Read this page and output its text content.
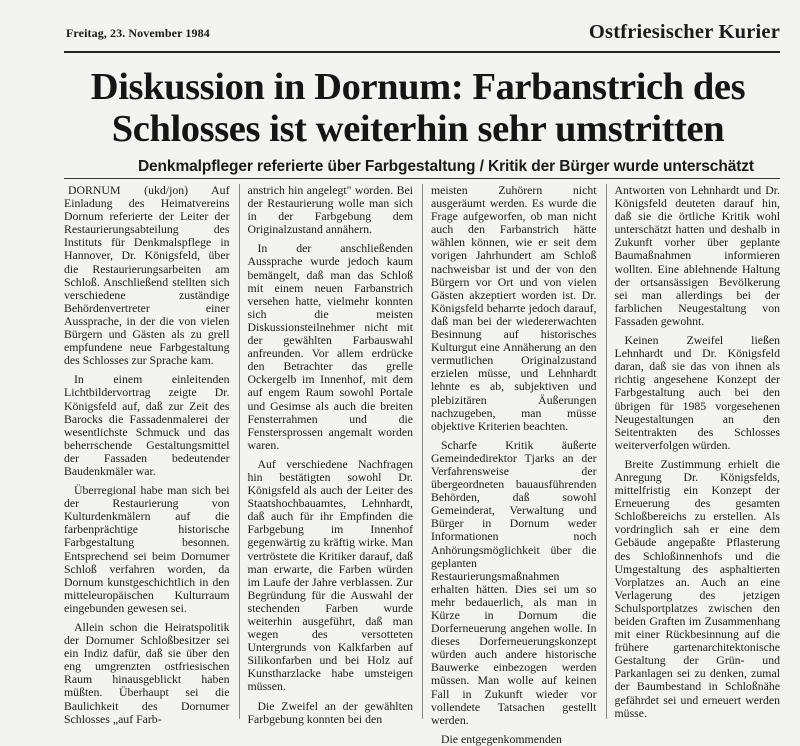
Freitag, 23. November 1984	Ostfriesischer Kurier
Diskussion in Dornum: Farbanstrich des
Schlosses ist weiterhin sehr umstritten
Denkmalpfleger referierte über Farbgestaltung / Kritik der Bürger wurde unterschätzt

DORNUM (ukd/jon) Auf Einladung des Heimatvereins Dornum referierte der Leiter der Restaurierungsabteilung des Instituts für Denkmalspflege in Hannover, Dr. Königsfeld, über die Restaurierungsarbeiten am Schloß. Anschließend stellten sich verschiedene zuständige Behördenvertreter einer Aussprache, in der die von vielen Bürgern und Gästen als zu grell empfundene neue Farbgestaltung des Schlosses zur Sprache kam.

In einem einleitenden Lichtbildervortrag zeigte Dr. Königsfeld auf, daß zur Zeit des Barocks die Fassadenmalerei der wesentlichste Schmuck und das beherrschende Gestaltungsmittel der Fassaden bedeutender Baudenkmäler war.

Überregional habe man sich bei der Restaurierung von Kulturdenkmälern auf die farbenprächtige historische Farbgestaltung besonnen. Entsprechend sei beim Dornumer Schloß verfahren worden, da Dornum kunstgeschichtlich in den mitteleuropäischen Kulturraum eingebunden gewesen sei.

Allein schon die Heiratspolitik der Dornumer Schloßbesitzer sei ein Indiz dafür, daß sie über den eng umgrenzten ostfriesischen Raum hinausgeblickt haben müßten. Überhaupt sei die Baulichkeit des Dornumer Schlosses „auf Farb-

anstrich hin angelegt" worden. Bei der Restaurierung wolle man sich in der Farbgebung dem Originalzustand annähern.

In der anschließenden Aussprache wurde jedoch kaum bemängelt, daß man das Schloß mit einem neuen Farbanstrich versehen hatte, vielmehr konnten sich die meisten Diskussionsteilnehmer nicht mit der gewählten Farbauswahl anfreunden. Vor allem erdrücke den Betrachter das grelle Ockergelb im Innenhof, mit dem auf engem Raum sowohl Portale und Gesimse als auch die breiten Fensterrahmen und die Fenstersprossen angemalt worden waren.

Auf verschiedene Nachfragen hin bestätigten sowohl Dr. Königsfeld als auch der Leiter des Staatshochbauamtes, Lehnhardt, daß auch für ihr Empfinden die Farbgebung im Innenhof gegenwärtig zu kräftig wirke. Man vertröstete die Kritiker darauf, daß man erwarte, die Farben würden im Laufe der Jahre verblassen. Zur Begründung für die Auswahl der stechenden Farben wurde weiterhin ausgeführt, daß man wegen des versotteten Untergrunds von Kalkfarben auf Silikonfarben und bei Holz auf Kunstharzlacke habe umsteigen müssen.

Die Zweifel an der gewählten Farbgebung konnten bei den

meisten Zuhörern nicht ausgeräumt werden. Es wurde die Frage aufgeworfen, ob man nicht auch den Farbanstrich hätte wählen können, wie er seit dem vorigen Jahrhundert am Schloß nachweisbar ist und der von den Bürgern vor Ort und von vielen Gästen akzeptiert worden ist. Dr. Königsfeld beharrte jedoch darauf, daß man bei der wiedererwachten Besinnung auf historisches Kulturgut eine Annäherung an den vermutlichen Originalzustand erzielen müsse, und Lehnhardt lehnte es ab, subjektiven und plebizitären Äußerungen nachzugeben, man müsse objektive Kriterien beachten.

Scharfe Kritik äußerte Gemeindedirektor Tjarks an der Verfahrensweise der übergeordneten bauausführenden Behörden, daß sowohl Gemeinderat, Verwaltung und Bürger in Dornum weder Informationen noch Anhörungsmöglichkeit über die geplanten Restaurierungsmaßnahmen erhalten hätten. Dies sei um so mehr bedauerlich, als man in Kürze in Dornum die Dorferneuerung angehen wolle. In dieses Dorferneuerungskonzept würden auch andere historische Bauwerke einbezogen werden müssen. Man wolle auf keinen Fall in Zukunft wieder vor vollendete Tatsachen gestellt werden.

Die entgegenkommenden

Antworten von Lehnhardt und Dr. Königsfeld deuteten darauf hin, daß sie die örtliche Kritik wohl unterschätzt hatten und deshalb in Zukunft vorher über geplante Baumaßnahmen informieren wollten. Eine ablehnende Haltung der ortsansässigen Bevölkerung sei man allerdings bei der farblichen Neugestaltung von Fassaden gewohnt.

Keinen Zweifel ließen Lehnhardt und Dr. Königsfeld daran, daß sie das von ihnen als richtig angesehene Konzept der Farbgestaltung auch bei den übrigen für 1985 vorgesehenen Neugestaltungen an den Seitentrakten des Schlosses weiterverfolgen würden.

Breite Zustimmung erhielt die Anregung Dr. Königsfelds, mittelfristig ein Konzept der Erneuerung des gesamten Schloßbereichs zu erstellen. Als vordringlich sah er eine dem Gebäude angepaßte Pflasterung des Schloßinnenhofs und die Umgestaltung des asphaltierten Vorplatzes an. Auch an eine Verlagerung des jetzigen Schulsportplatzes zwischen den beiden Graften im Zusammenhang mit einer Rückbesinnung auf die frühere gartenarchitektonische Gestaltung der Grün- und Parkanlagen sei zu denken, zumal der Baumbestand in Schloßnähe gefährdet sei und erneuert werden müsse.
